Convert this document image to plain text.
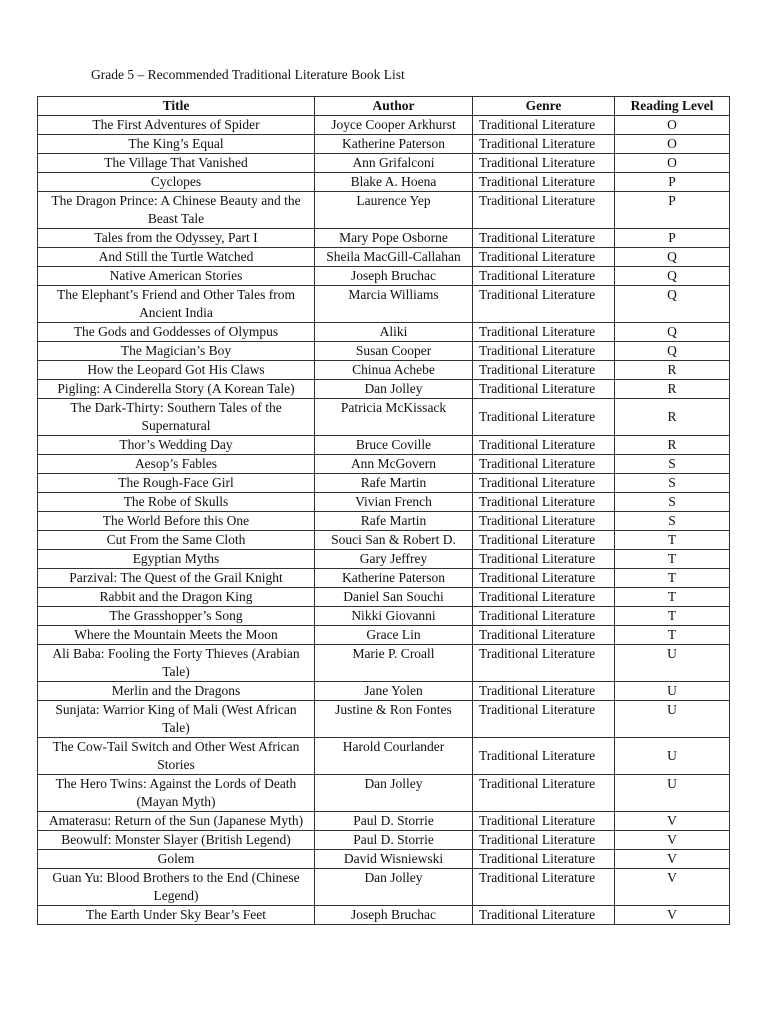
Grade 5 – Recommended Traditional Literature Book List
Title	Author	Genre	Reading Level
The First Adventures of Spider	Joyce Cooper Arkhurst	Traditional Literature	O
The King’s Equal	Katherine Paterson	Traditional Literature	O
The Village That Vanished	Ann Grifalconi	Traditional Literature	O
Cyclopes	Blake A. Hoena	Traditional Literature	P
The Dragon Prince: A Chinese Beauty and the Beast Tale	Laurence Yep	Traditional Literature	P
Tales from the Odyssey, Part I	Mary Pope Osborne	Traditional Literature	P
And Still the Turtle Watched	Sheila MacGill-Callahan	Traditional Literature	Q
Native American Stories	Joseph Bruchac	Traditional Literature	Q
The Elephant’s Friend and Other Tales from Ancient India	Marcia Williams	Traditional Literature	Q
The Gods and Goddesses of Olympus	Aliki	Traditional Literature	Q
The Magician’s Boy	Susan Cooper	Traditional Literature	Q
How the Leopard Got His Claws	Chinua Achebe	Traditional Literature	R
Pigling: A Cinderella Story (A Korean Tale)	Dan Jolley	Traditional Literature	R
The Dark-Thirty: Southern Tales of the Supernatural	Patricia McKissack	Traditional Literature	R
Thor’s Wedding Day	Bruce Coville	Traditional Literature	R
Aesop’s Fables	Ann McGovern	Traditional Literature	S
The Rough-Face Girl	Rafe Martin	Traditional Literature	S
The Robe of Skulls	Vivian French	Traditional Literature	S
The World Before this One	Rafe Martin	Traditional Literature	S
Cut From the Same Cloth	Souci San & Robert D.	Traditional Literature	T
Egyptian Myths	Gary Jeffrey	Traditional Literature	T
Parzival: The Quest of the Grail Knight	Katherine Paterson	Traditional Literature	T
Rabbit and the Dragon King	Daniel San Souchi	Traditional Literature	T
The Grasshopper’s Song	Nikki Giovanni	Traditional Literature	T
Where the Mountain Meets the Moon	Grace Lin	Traditional Literature	T
Ali Baba: Fooling the Forty Thieves (Arabian Tale)	Marie P. Croall	Traditional Literature	U
Merlin and the Dragons	Jane Yolen	Traditional Literature	U
Sunjata: Warrior King of Mali (West African Tale)	Justine & Ron Fontes	Traditional Literature	U
The Cow-Tail Switch and Other West African Stories	Harold Courlander	Traditional Literature	U
The Hero Twins: Against the Lords of Death (Mayan Myth)	Dan Jolley	Traditional Literature	U
Amaterasu: Return of the Sun (Japanese Myth)	Paul D. Storrie	Traditional Literature	V
Beowulf: Monster Slayer (British Legend)	Paul D. Storrie	Traditional Literature	V
Golem	David Wisniewski	Traditional Literature	V
Guan Yu: Blood Brothers to the End (Chinese Legend)	Dan Jolley	Traditional Literature	V
The Earth Under Sky Bear’s Feet	Joseph Bruchac	Traditional Literature	V
